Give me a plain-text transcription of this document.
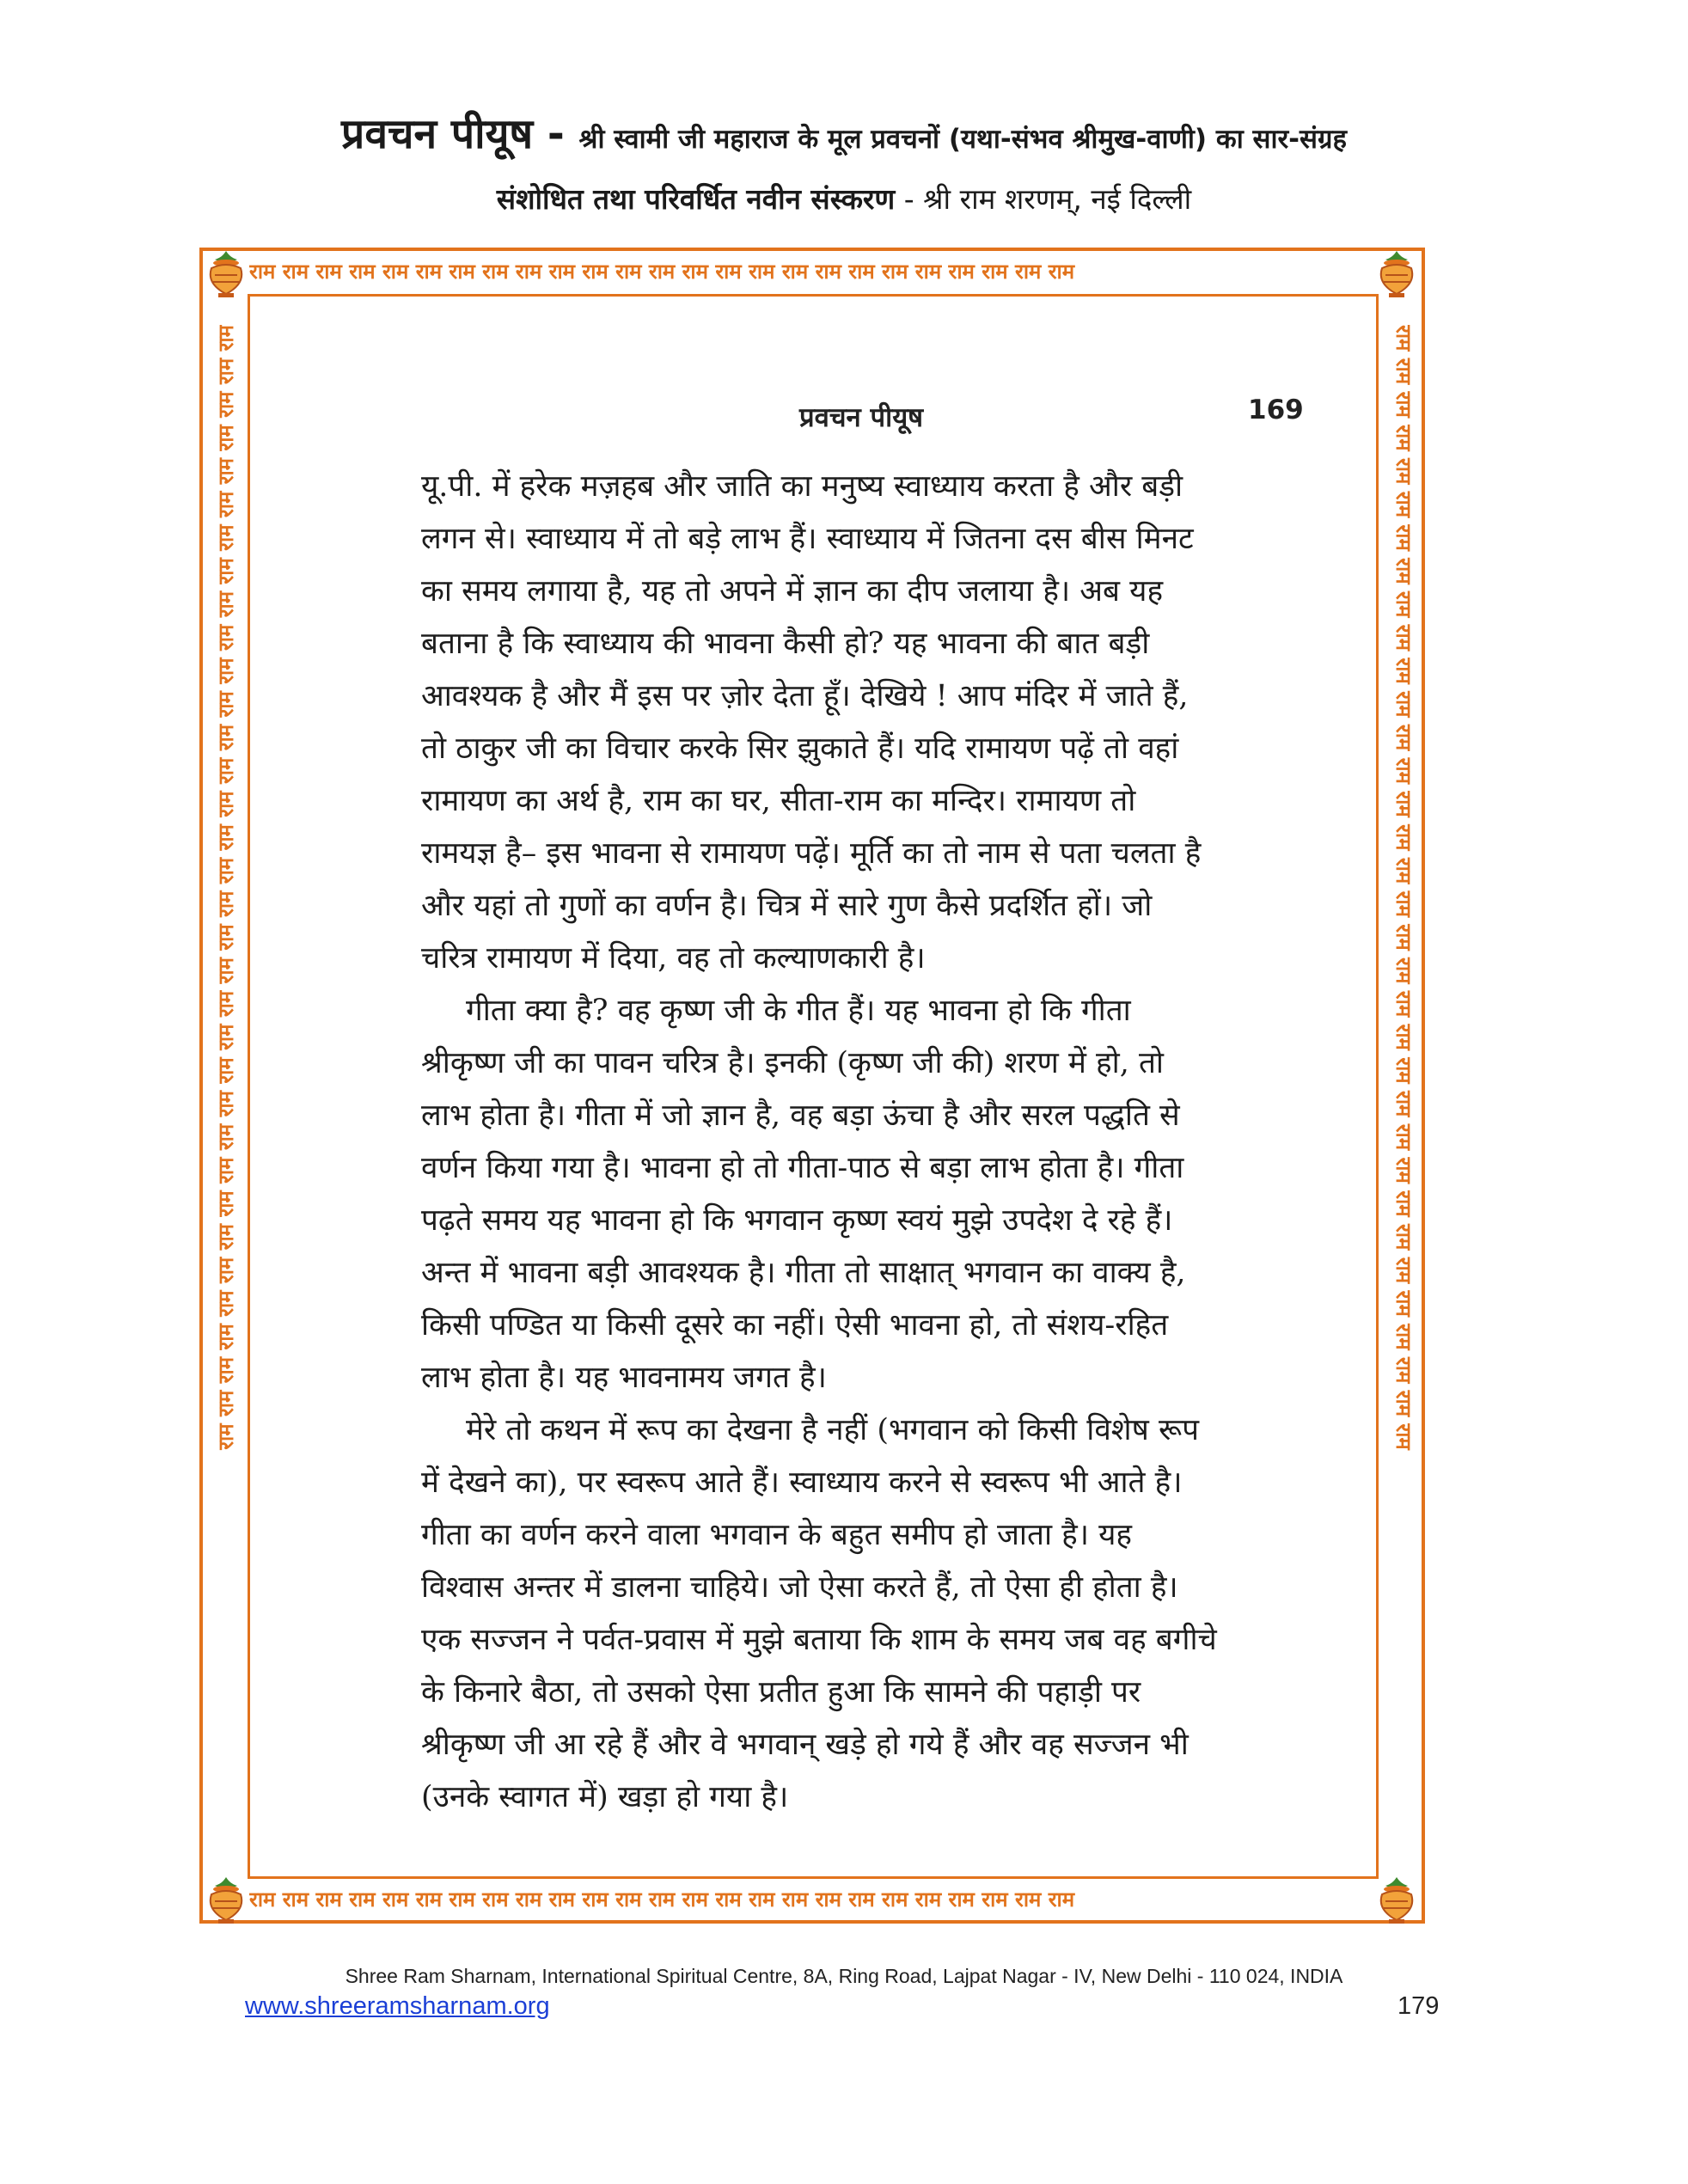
प्रवचन पीयूष - श्री स्वामी जी महाराज के मूल प्रवचनों (यथा-संभव श्रीमुख-वाणी) का सार-संग्रह
संशोधित तथा परिवर्धित नवीन संस्करण - श्री राम शरणम्, नई दिल्ली
राम राम राम राम राम राम राम राम राम राम राम राम राम राम राम राम राम राम राम राम राम राम राम राम राम
राम राम राम राम राम राम राम राम राम राम राम राम राम राम राम राम राम राम राम राम राम राम राम राम राम
राम राम राम राम राम राम राम राम राम राम राम राम राम राम राम राम राम राम राम राम राम राम राम राम राम राम राम राम राम राम राम राम राम राम	राम राम राम राम राम राम राम राम राम राम राम राम राम राम राम राम राम राम राम राम राम राम राम राम राम राम राम राम राम राम राम राम राम राम
प्रवचन पीयूष	169
यू.पी. में हरेक मज़हब और जाति का मनुष्य स्वाध्याय करता है और बड़ी
लगन से। स्वाध्याय में तो बड़े लाभ हैं। स्वाध्याय में जितना दस बीस मिनट
का समय लगाया है, यह तो अपने में ज्ञान का दीप जलाया है। अब यह
बताना है कि स्वाध्याय की भावना कैसी हो? यह भावना की बात बड़ी
आवश्यक है और मैं इस पर ज़ोर देता हूँ। देखिये ! आप मंदिर में जाते हैं,
तो ठाकुर जी का विचार करके सिर झुकाते हैं। यदि रामायण पढ़ें तो वहां
रामायण का अर्थ है, राम का घर, सीता-राम का मन्दिर। रामायण तो
रामयज्ञ है– इस भावना से रामायण पढ़ें। मूर्ति का तो नाम से पता चलता है
और यहां तो गुणों का वर्णन है। चित्र में सारे गुण कैसे प्रदर्शित हों। जो
चरित्र रामायण में दिया, वह तो कल्याणकारी है।
गीता क्या है? वह कृष्ण जी के गीत हैं। यह भावना हो कि गीता
श्रीकृष्ण जी का पावन चरित्र है। इनकी (कृष्ण जी की) शरण में हो, तो
लाभ होता है। गीता में जो ज्ञान है, वह बड़ा ऊंचा है और सरल पद्धति से
वर्णन किया गया है। भावना हो तो गीता-पाठ से बड़ा लाभ होता है। गीता
पढ़ते समय यह भावना हो कि भगवान कृष्ण स्वयं मुझे उपदेश दे रहे हैं।
अन्त में भावना बड़ी आवश्यक है। गीता तो साक्षात् भगवान का वाक्य है,
किसी पण्डित या किसी दूसरे का नहीं। ऐसी भावना हो, तो संशय-रहित
लाभ होता है। यह भावनामय जगत है।
मेरे तो कथन में रूप का देखना है नहीं (भगवान को किसी विशेष रूप
में देखने का), पर स्वरूप आते हैं। स्वाध्याय करने से स्वरूप भी आते है।
गीता का वर्णन करने वाला भगवान के बहुत समीप हो जाता है। यह
विश्वास अन्तर में डालना चाहिये। जो ऐसा करते हैं, तो ऐसा ही होता है।
एक सज्जन ने पर्वत-प्रवास में मुझे बताया कि शाम के समय जब वह बगीचे
के किनारे बैठा, तो उसको ऐसा प्रतीत हुआ कि सामने की पहाड़ी पर
श्रीकृष्ण जी आ रहे हैं और वे भगवान् खड़े हो गये हैं और वह सज्जन भी
(उनके स्वागत में) खड़ा हो गया है।
Shree Ram Sharnam, International Spiritual Centre, 8A, Ring Road, Lajpat Nagar - IV, New Delhi - 110 024, INDIA
www.shreeramsharnam.org	179
